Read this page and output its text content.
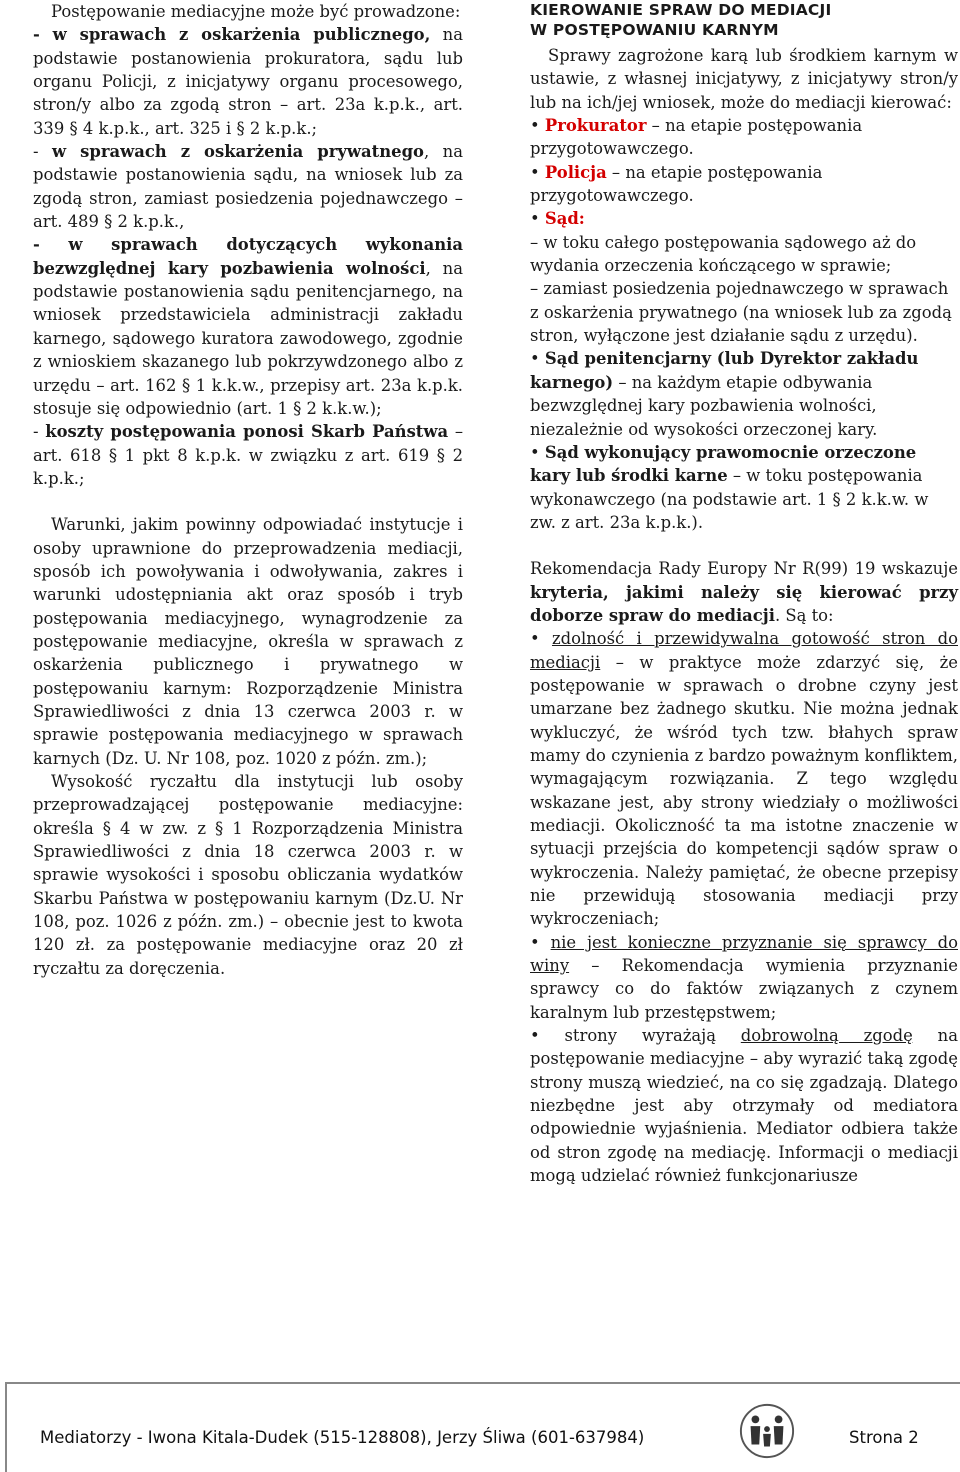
Postępowanie mediacyjne może być prowadzone:

- w sprawach z oskarżenia publicznego, na podstawie postanowienia prokuratora, sądu lub organu Policji, z inicjatywy organu procesowego, stron/y albo za zgodą stron – art. 23a k.p.k., art. 339 § 4 k.p.k., art. 325 i § 2 k.p.k.;

- w sprawach z oskarżenia prywatnego, na podstawie postanowienia sądu, na wniosek lub za zgodą stron, zamiast posiedzenia pojednawczego – art. 489 § 2 k.p.k.,

- w sprawach dotyczących wykonania bezwzględnej kary pozbawienia wolności, na podstawie postanowienia sądu penitencjarnego, na wniosek przedstawiciela administracji zakładu karnego, sądowego kuratora zawodowego, zgodnie z wnioskiem skazanego lub pokrzywdzonego albo z urzędu – art. 162 § 1 k.k.w., przepisy art. 23a k.p.k. stosuje się odpowiednio (art. 1 § 2 k.k.w.);

- koszty postępowania ponosi Skarb Państwa – art. 618 § 1 pkt 8 k.p.k. w związku z art. 619 § 2 k.p.k.;

Warunki, jakim powinny odpowiadać instytucje i osoby uprawnione do przeprowadzenia mediacji, sposób ich powoływania i odwoływania, zakres i warunki udostępniania akt oraz sposób i tryb postępowania mediacyjnego, wynagrodzenie za postępowanie mediacyjne, określa w sprawach z oskarżenia publicznego i prywatnego w postępowaniu karnym: Rozporządzenie Ministra Sprawiedliwości z dnia 13 czerwca 2003 r. w sprawie postępowania mediacyjnego w sprawach karnych (Dz. U. Nr 108, poz. 1020 z późn. zm.);

Wysokość ryczałtu dla instytucji lub osoby przeprowadzającej postępowanie mediacyjne: określa § 4 w zw. z § 1 Rozporządzenia Ministra Sprawiedliwości z dnia 18 czerwca 2003 r. w sprawie wysokości i sposobu obliczania wydatków Skarbu Państwa w postępowaniu karnym (Dz.U. Nr 108, poz. 1026 z późn. zm.) – obecnie jest to kwota 120 zł. za postępowanie mediacyjne oraz 20 zł ryczałtu za doręczenia.

KIEROWANIE SPRAW DO MEDIACJI
W POSTĘPOWANIU KARNYM

Sprawy zagrożone karą lub środkiem karnym w ustawie, z własnej inicjatywy, z inicjatywy stron/y lub na ich/jej wniosek, może do mediacji kierować:

• Prokurator – na etapie postępowania przygotowawczego.

• Policja – na etapie postępowania przygotowawczego.

• Sąd:

– w toku całego postępowania sądowego aż do wydania orzeczenia kończącego w sprawie;

– zamiast posiedzenia pojednawczego w sprawach z oskarżenia prywatnego (na wniosek lub za zgodą stron, wyłączone jest działanie sądu z urzędu).

• Sąd penitencjarny (lub Dyrektor zakładu karnego) – na każdym etapie odbywania bezwzględnej kary pozbawienia wolności, niezależnie od wysokości orzeczonej kary.

• Sąd wykonujący prawomocnie orzeczone kary lub środki karne – w toku postępowania wykonawczego (na podstawie art. 1 § 2 k.k.w. w zw. z art. 23a k.p.k.).

Rekomendacja Rady Europy Nr R(99) 19 wskazuje kryteria, jakimi należy się kierować przy doborze spraw do mediacji. Są to:

• zdolność i przewidywalna gotowość stron do mediacji – w praktyce może zdarzyć się, że postępowanie w sprawach o drobne czyny jest umarzane bez żadnego skutku. Nie można jednak wykluczyć, że wśród tych tzw. błahych spraw mamy do czynienia z bardzo poważnym konfliktem, wymagającym rozwiązania. Z tego względu wskazane jest, aby strony wiedziały o możliwości mediacji. Okoliczność ta ma istotne znaczenie w sytuacji przejścia do kompetencji sądów spraw o wykroczenia. Należy pamiętać, że obecne przepisy nie przewidują stosowania mediacji przy wykroczeniach;

• nie jest konieczne przyznanie się sprawcy do winy – Rekomendacja wymienia przyznanie sprawcy co do faktów związanych z czynem karalnym lub przestępstwem;

• strony wyrażają dobrowolną zgodę na postępowanie mediacyjne – aby wyrazić taką zgodę strony muszą wiedzieć, na co się zgadzają. Dlatego niezbędne jest aby otrzymały od mediatora odpowiednie wyjaśnienia. Mediator odbiera także od stron zgodę na mediację. Informacji o mediacji mogą udzielać również funkcjonariusze

Mediatorzy - Iwona Kitala-Dudek (515-128808), Jerzy Śliwa (601-637984)	Strona 2
